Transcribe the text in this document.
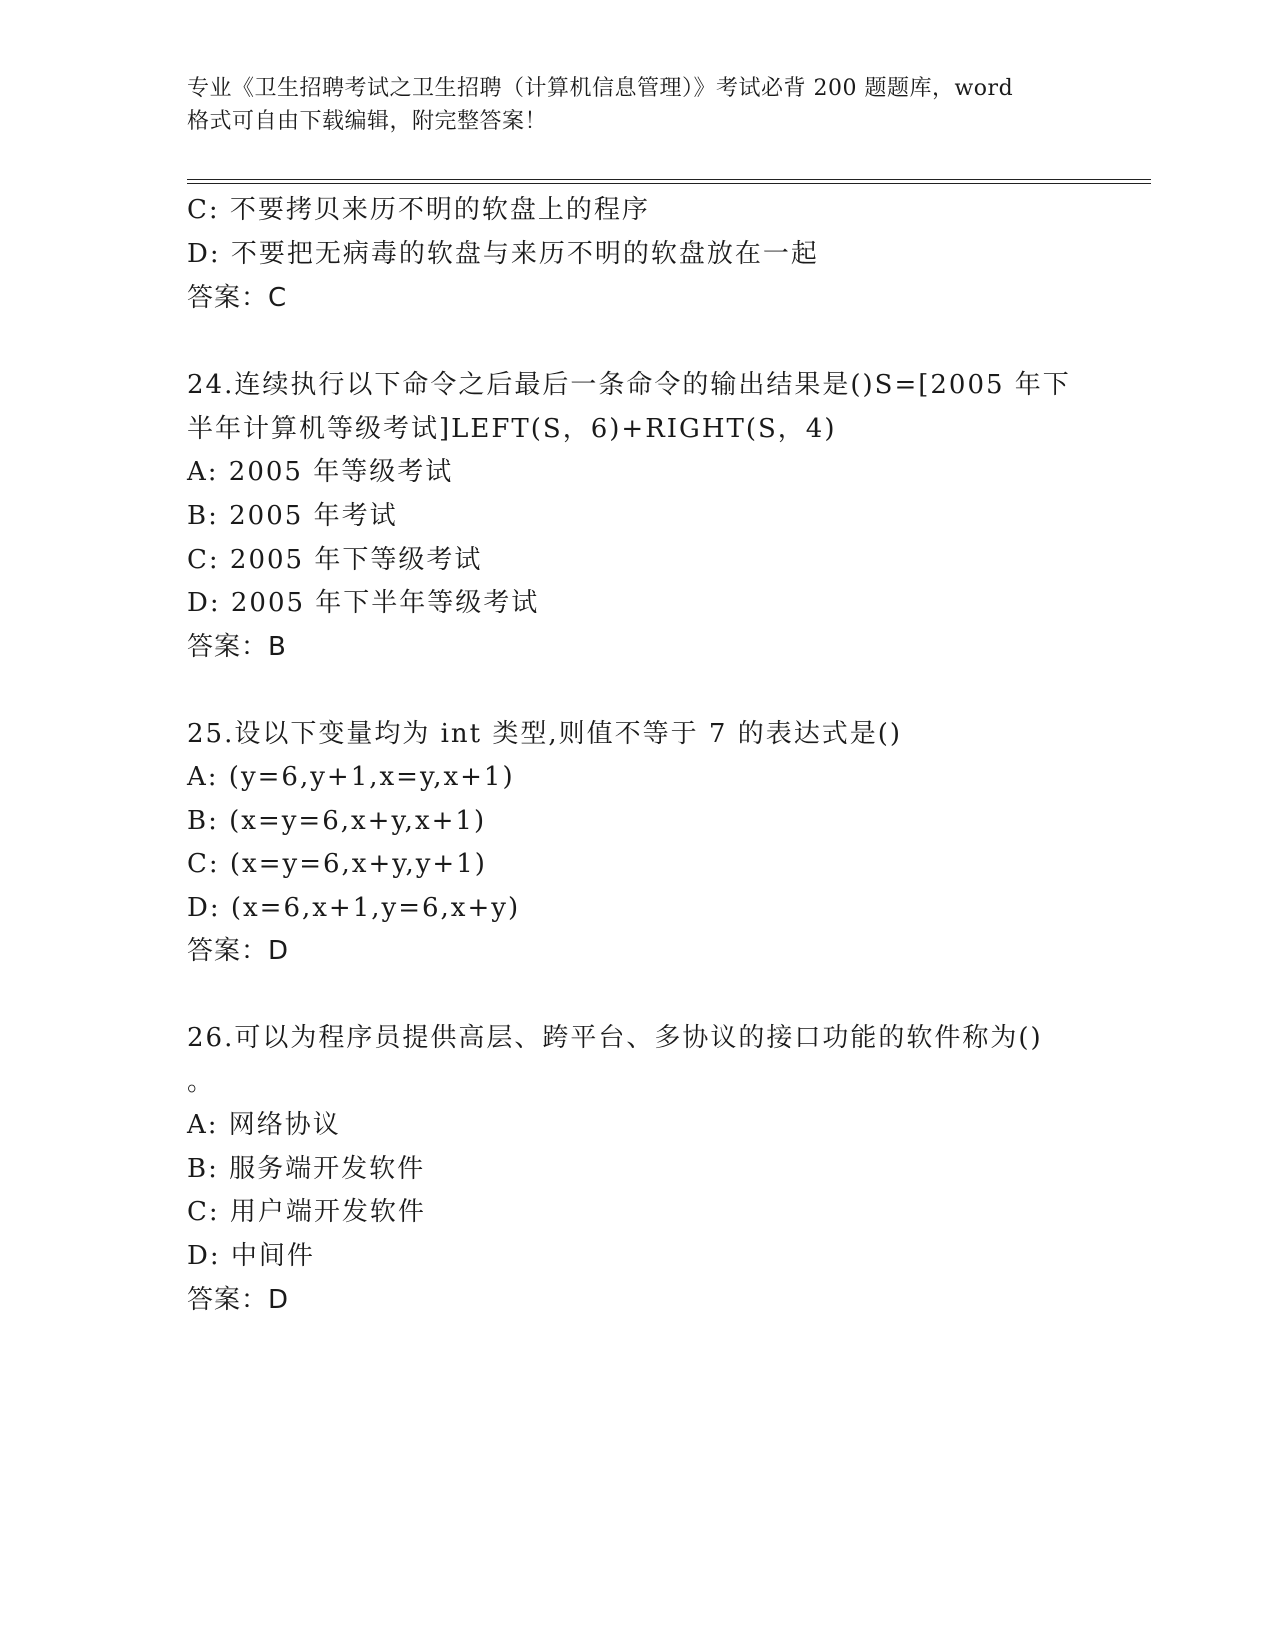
专业《卫生招聘考试之卫生招聘（计算机信息管理）》考试必背 200 题题库，word
格式可自由下载编辑，附完整答案！
C: 不要拷贝来历不明的软盘上的程序
D: 不要把无病毒的软盘与来历不明的软盘放在一起
答案：C
24.连续执行以下命令之后最后一条命令的输出结果是()S=[2005 年下
半年计算机等级考试]LEFT(S，6)+RIGHT(S，4)
A: 2005 年等级考试
B: 2005 年考试
C: 2005 年下等级考试
D: 2005 年下半年等级考试
答案：B
25.设以下变量均为 int 类型,则值不等于 7 的表达式是()
A: (y=6,y+1,x=y,x+1)
B: (x=y=6,x+y,x+1)
C: (x=y=6,x+y,y+1)
D: (x=6,x+1,y=6,x+y)
答案：D
26.可以为程序员提供高层、跨平台、多协议的接口功能的软件称为()
。
A: 网络协议
B: 服务端开发软件
C: 用户端开发软件
D: 中间件
答案：D
